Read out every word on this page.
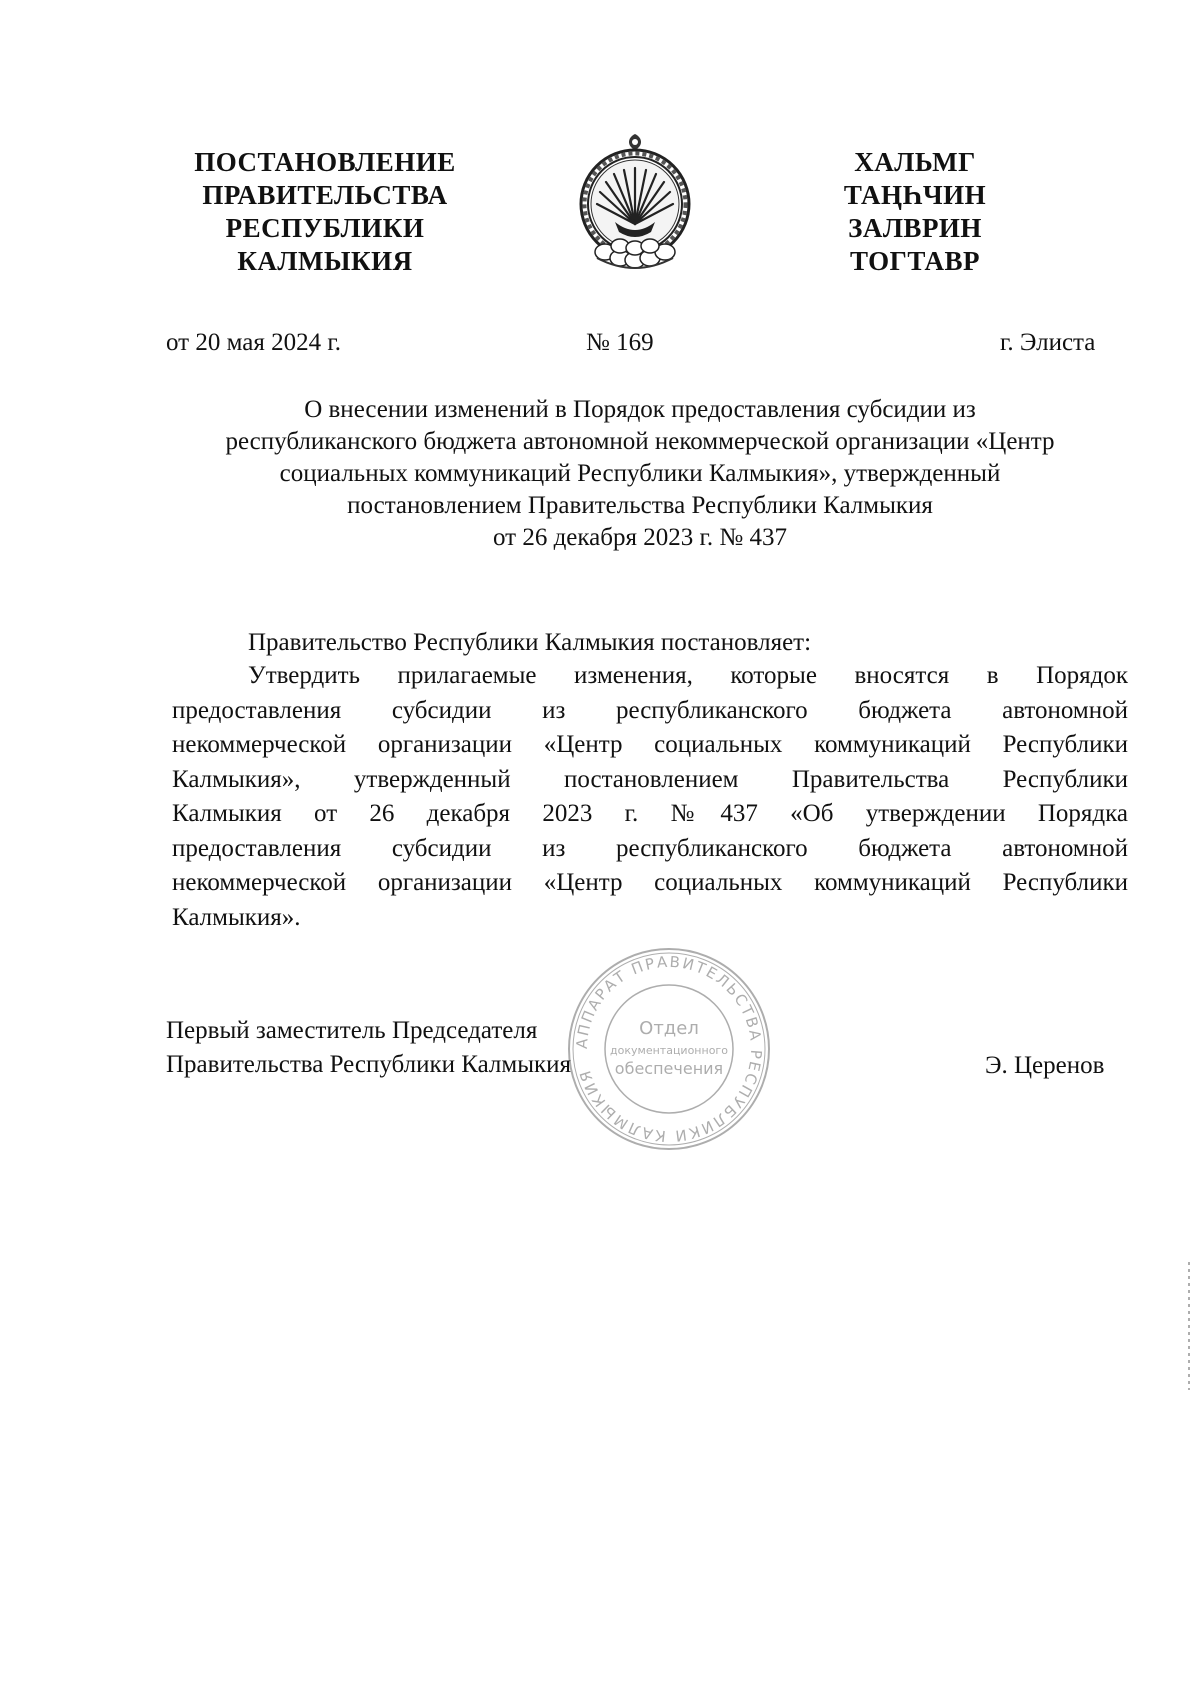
ПОСТАНОВЛЕНИЕ
ПРАВИТЕЛЬСТВА
РЕСПУБЛИКИ
КАЛМЫКИЯ
ХАЛЬМГ
ТАҢҺЧИН
ЗАЛВРИН
ТОГТАВР
от 20 мая 2024 г.	№ 169	г. Элиста
О внесении изменений в Порядок предоставления субсидии из
республиканского бюджета автономной некоммерческой организации «Центр
социальных коммуникаций Республики Калмыкия», утвержденный
постановлением Правительства Республики Калмыкия
от 26 декабря 2023 г. № 437
Правительство Республики Калмыкия постановляет:
Утвердить прилагаемые изменения, которые вносятся в Порядок
предоставления субсидии из республиканского бюджета автономной
некоммерческой организации «Центр социальных коммуникаций Республики
Калмыкия», утвержденный постановлением Правительства Республики
Калмыкия от 26 декабря 2023 г. №437 «Об утверждении Порядка
предоставления субсидии из республиканского бюджета автономной
некоммерческой организации «Центр социальных коммуникаций Республики
Калмыкия».
АППАРАТ ПРАВИТЕЛЬСТВА РЕСПУБЛИКИ КАЛМЫКИЯ
Отдел
документационного
обеспечения
Первый заместитель Председателя
Правительства Республики Калмыкия	Э. Церенов
